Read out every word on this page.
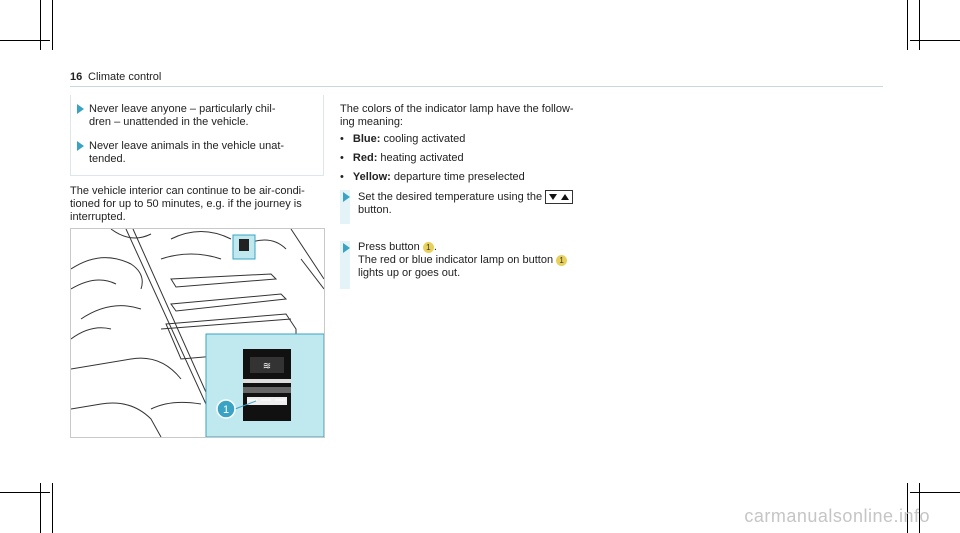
16 Climate control
Never leave anyone – particularly chil-
dren – unattended in the vehicle.
Never leave animals in the vehicle unat-
tended.
The vehicle interior can continue to be air-condi-
tioned for up to 50 minutes, e.g. if the journey is
interrupted.
≋
1
The colors of the indicator lamp have the follow-
ing meaning:
• Blue: cooling activated
• Red: heating activated
• Yellow: departure time preselected
Set the desired temperature using the
button.
Press button 1 .
The red or blue indicator lamp on button 1
lights up or goes out.
carmanualsonline.info
